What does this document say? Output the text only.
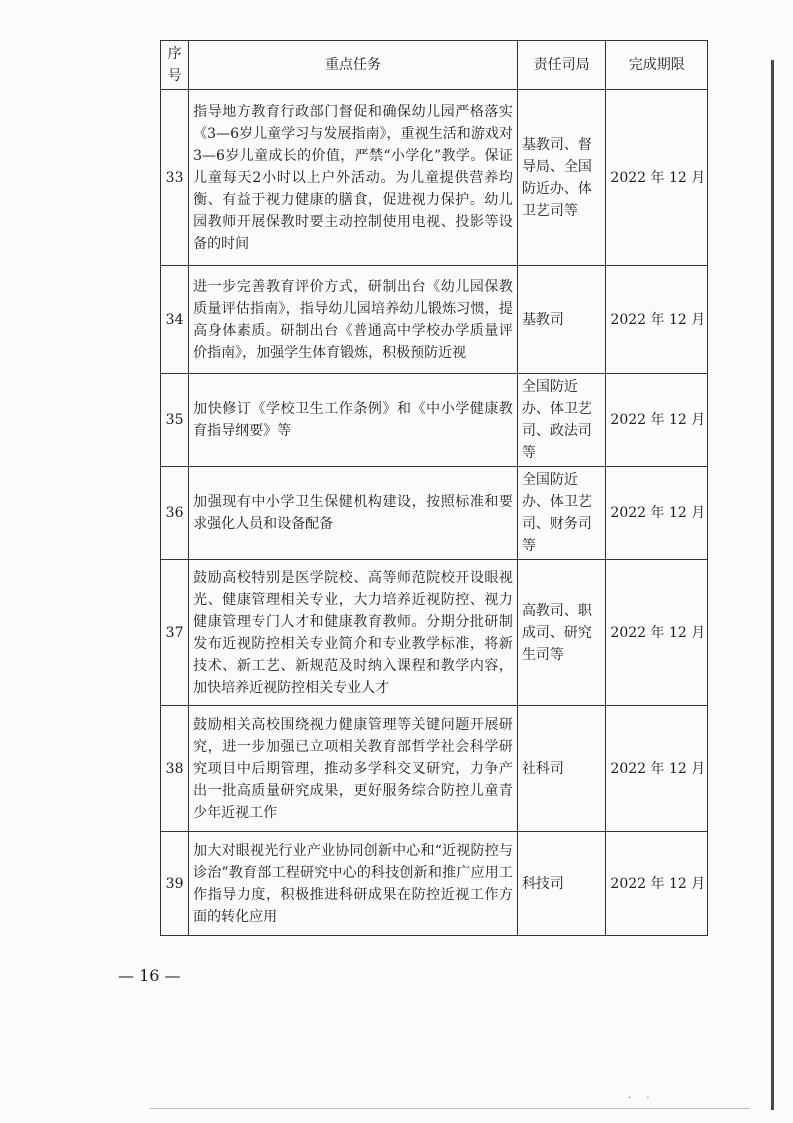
· ·
序号	重点任务	责任司局	完成期限
33	指导地方教育行政部门督促和确保幼儿园严格落实《3—6岁儿童学习与发展指南》，重视生活和游戏对3—6岁儿童成长的价值，严禁“小学化”教学。保证儿童每天2小时以上户外活动。为儿童提供营养均衡、有益于视力健康的膳食，促进视力保护。幼儿园教师开展保教时要主动控制使用电视、投影等设备的时间	基教司、督导局、全国防近办、体卫艺司等	2022 年 12 月
34	进一步完善教育评价方式，研制出台《幼儿园保教质量评估指南》，指导幼儿园培养幼儿锻炼习惯，提高身体素质。研制出台《普通高中学校办学质量评价指南》，加强学生体育锻炼，积极预防近视	基教司	2022 年 12 月
35	加快修订《学校卫生工作条例》和《中小学健康教育指导纲要》等	全国防近办、体卫艺司、政法司等	2022 年 12 月
36	加强现有中小学卫生保健机构建设，按照标准和要求强化人员和设备配备	全国防近办、体卫艺司、财务司等	2022 年 12 月
37	鼓励高校特别是医学院校、高等师范院校开设眼视光、健康管理相关专业，大力培养近视防控、视力健康管理专门人才和健康教育教师。分期分批研制发布近视防控相关专业简介和专业教学标准，将新技术、新工艺、新规范及时纳入课程和教学内容，加快培养近视防控相关专业人才	高教司、职成司、研究生司等	2022 年 12 月
38	鼓励相关高校围绕视力健康管理等关键问题开展研究，进一步加强已立项相关教育部哲学社会科学研究项目中后期管理，推动多学科交叉研究，力争产出一批高质量研究成果，更好服务综合防控儿童青少年近视工作	社科司	2022 年 12 月
39	加大对眼视光行业产业协同创新中心和“近视防控与诊治”教育部工程研究中心的科技创新和推广应用工作指导力度，积极推进科研成果在防控近视工作方面的转化应用	科技司	2022 年 12 月
— 16 —
